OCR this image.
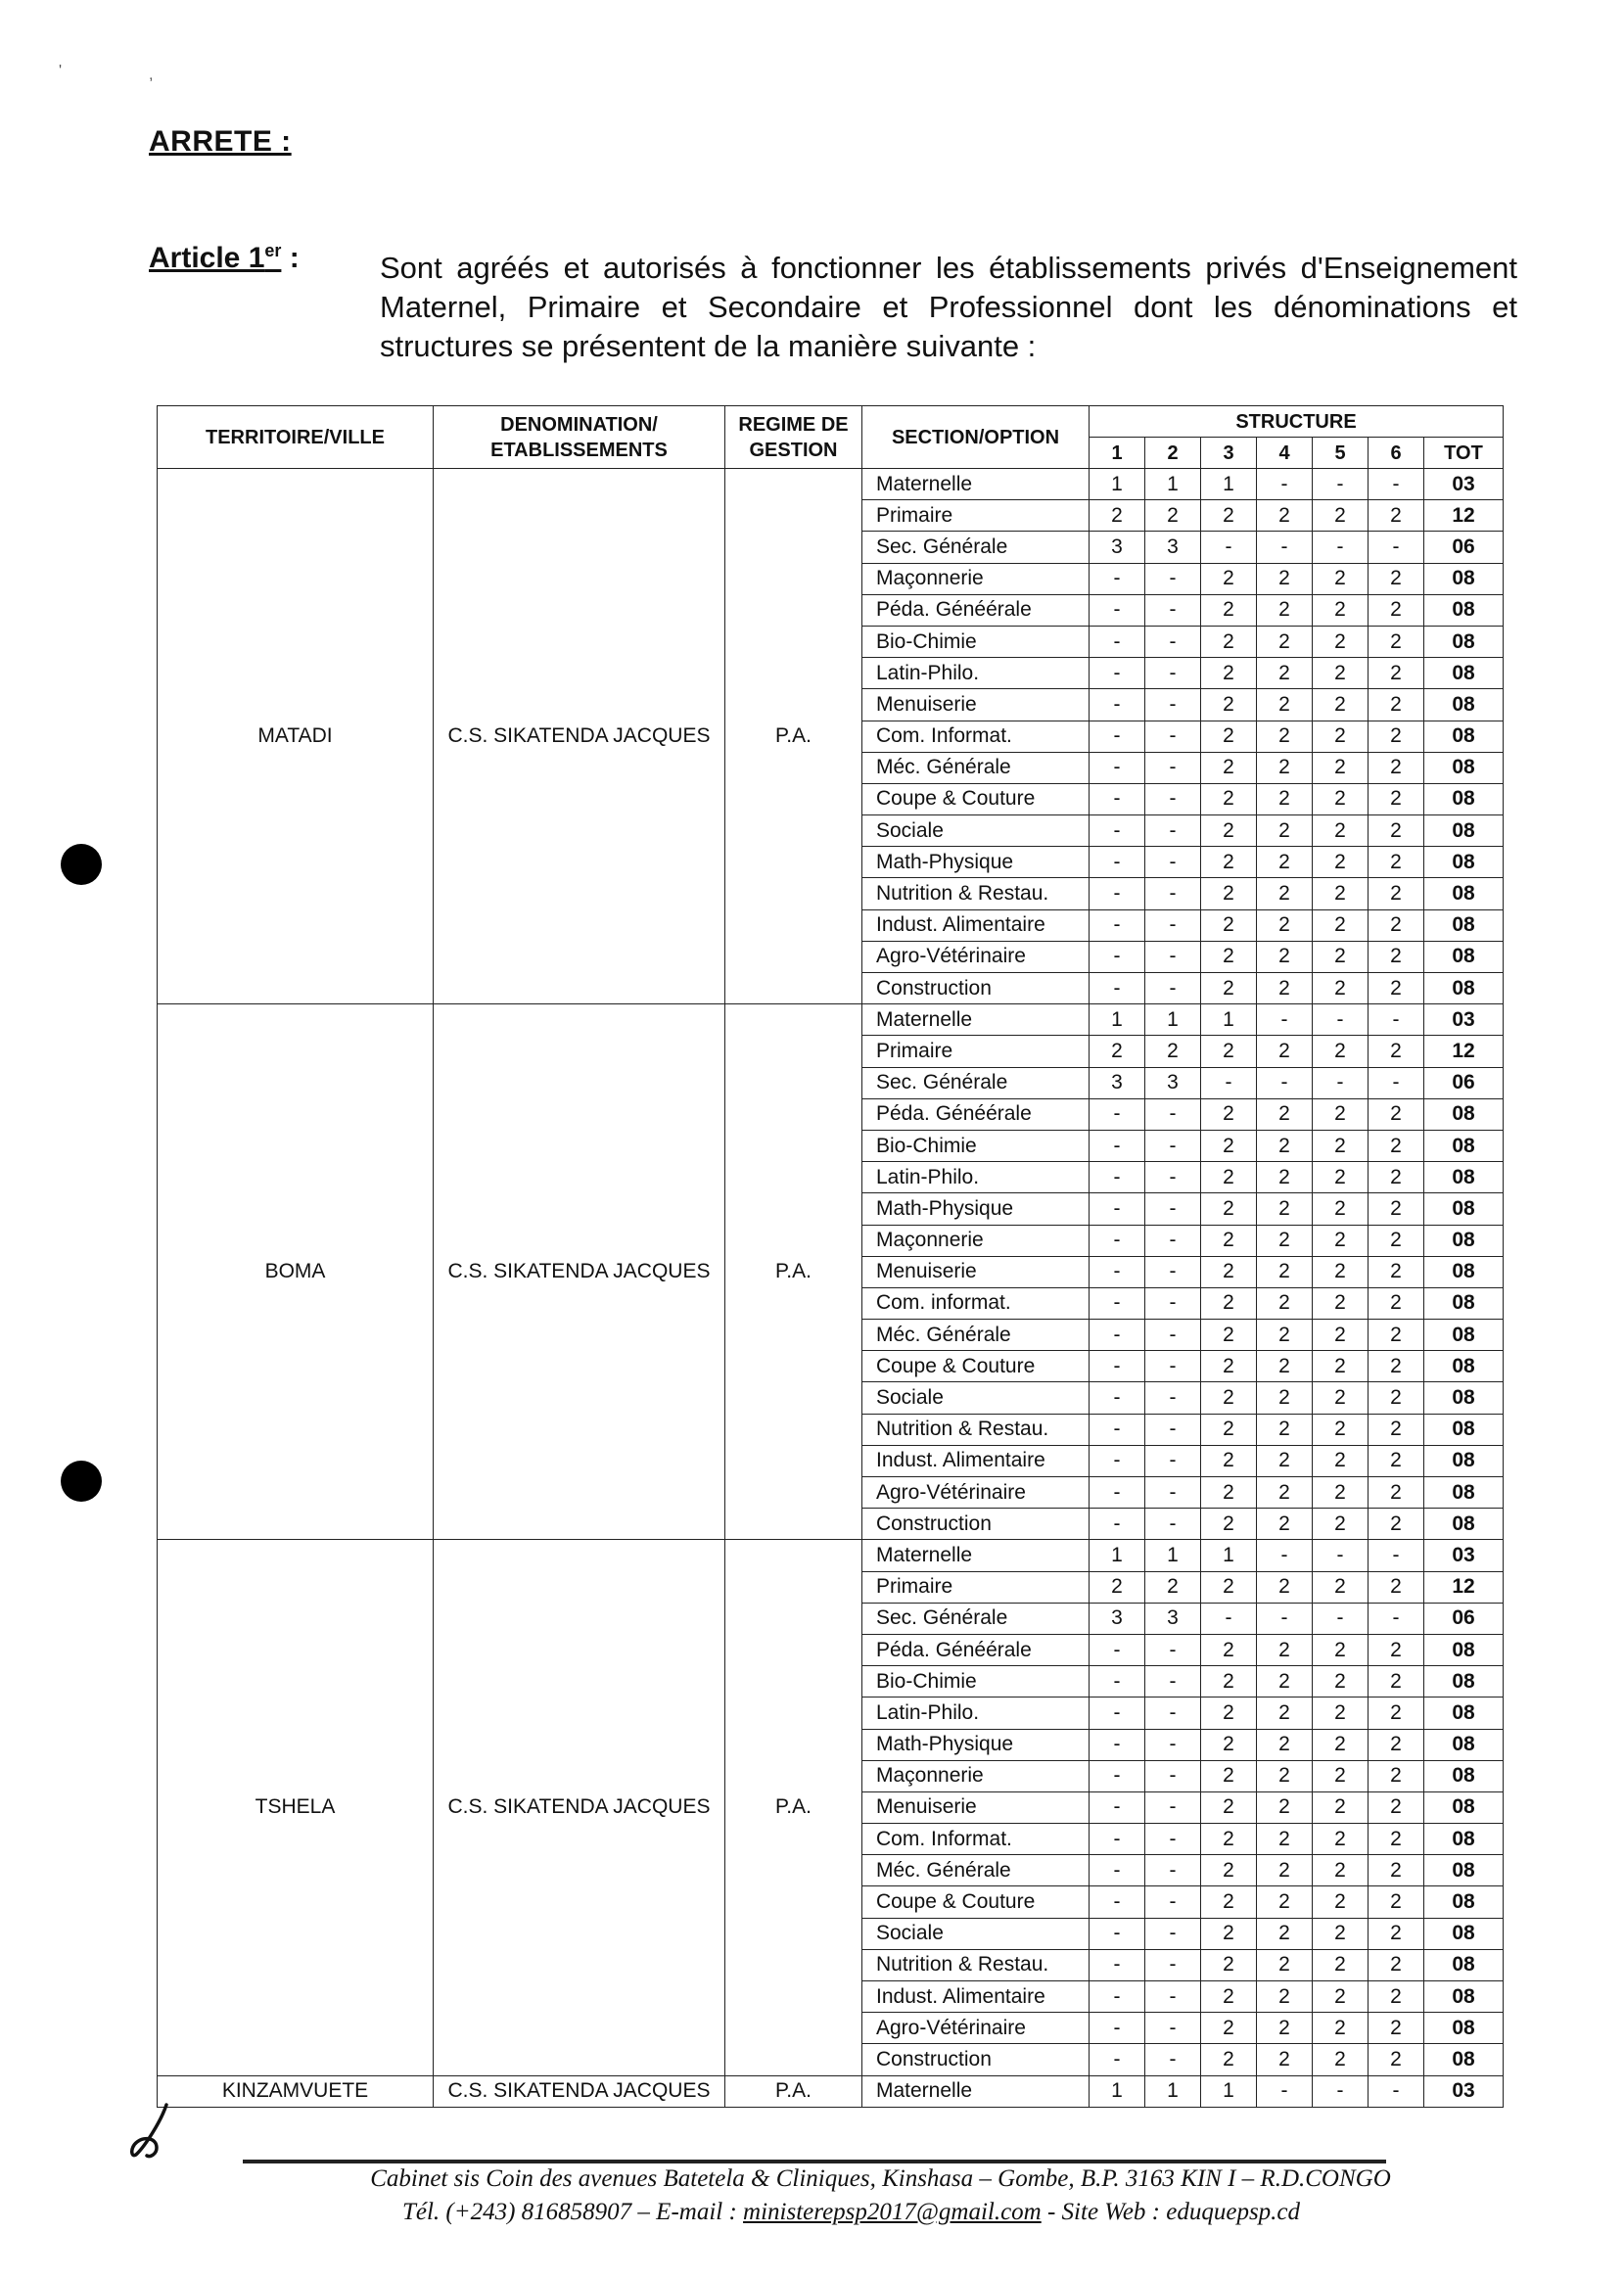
'	,
ARRETE :
Article 1er :	Sont agréés et autorisés à fonctionner les établissements privés d'Enseignement Maternel, Primaire et Secondaire et Professionnel dont les dénominations et structures se présentent de la manière suivante :
TERRITOIRE/VILLE	DENOMINATION/ ETABLISSEMENTS	REGIME DE GESTION	SECTION/OPTION	STRUCTURE						
				1	2	3	4	5	6	TOT
MATADI	C.S. SIKATENDA JACQUES	P.A.	Maternelle	1	1	1	-	-	-	03
			Primaire	2	2	2	2	2	2	12
			Sec. Générale	3	3	-	-	-	-	06
			Maçonnerie	-	-	2	2	2	2	08
			Péda. Généérale	-	-	2	2	2	2	08
			Bio-Chimie	-	-	2	2	2	2	08
			Latin-Philo.	-	-	2	2	2	2	08
			Menuiserie	-	-	2	2	2	2	08
			Com. Informat.	-	-	2	2	2	2	08
			Méc. Générale	-	-	2	2	2	2	08
			Coupe & Couture	-	-	2	2	2	2	08
			Sociale	-	-	2	2	2	2	08
			Math-Physique	-	-	2	2	2	2	08
			Nutrition & Restau.	-	-	2	2	2	2	08
			Indust. Alimentaire	-	-	2	2	2	2	08
			Agro-Vétérinaire	-	-	2	2	2	2	08
			Construction	-	-	2	2	2	2	08
BOMA	C.S. SIKATENDA JACQUES	P.A.	Maternelle	1	1	1	-	-	-	03
			Primaire	2	2	2	2	2	2	12
			Sec. Générale	3	3	-	-	-	-	06
			Péda. Généérale	-	-	2	2	2	2	08
			Bio-Chimie	-	-	2	2	2	2	08
			Latin-Philo.	-	-	2	2	2	2	08
			Math-Physique	-	-	2	2	2	2	08
			Maçonnerie	-	-	2	2	2	2	08
			Menuiserie	-	-	2	2	2	2	08
			Com. informat.	-	-	2	2	2	2	08
			Méc. Générale	-	-	2	2	2	2	08
			Coupe & Couture	-	-	2	2	2	2	08
			Sociale	-	-	2	2	2	2	08
			Nutrition & Restau.	-	-	2	2	2	2	08
			Indust. Alimentaire	-	-	2	2	2	2	08
			Agro-Vétérinaire	-	-	2	2	2	2	08
			Construction	-	-	2	2	2	2	08
TSHELA	C.S. SIKATENDA JACQUES	P.A.	Maternelle	1	1	1	-	-	-	03
			Primaire	2	2	2	2	2	2	12
			Sec. Générale	3	3	-	-	-	-	06
			Péda. Généérale	-	-	2	2	2	2	08
			Bio-Chimie	-	-	2	2	2	2	08
			Latin-Philo.	-	-	2	2	2	2	08
			Math-Physique	-	-	2	2	2	2	08
			Maçonnerie	-	-	2	2	2	2	08
			Menuiserie	-	-	2	2	2	2	08
			Com. Informat.	-	-	2	2	2	2	08
			Méc. Générale	-	-	2	2	2	2	08
			Coupe & Couture	-	-	2	2	2	2	08
			Sociale	-	-	2	2	2	2	08
			Nutrition & Restau.	-	-	2	2	2	2	08
			Indust. Alimentaire	-	-	2	2	2	2	08
			Agro-Vétérinaire	-	-	2	2	2	2	08
			Construction	-	-	2	2	2	2	08
KINZAMVUETE	C.S. SIKATENDA JACQUES	P.A.	Maternelle	1	1	1	-	-	-	03
Cabinet sis Coin des avenues Batetela & Cliniques, Kinshasa – Gombe, B.P. 3163 KIN I – R.D.CONGO
Tél. (+243) 816858907 – E-mail : ministerepsp2017@gmail.com - Site Web : eduquepsp.cd
